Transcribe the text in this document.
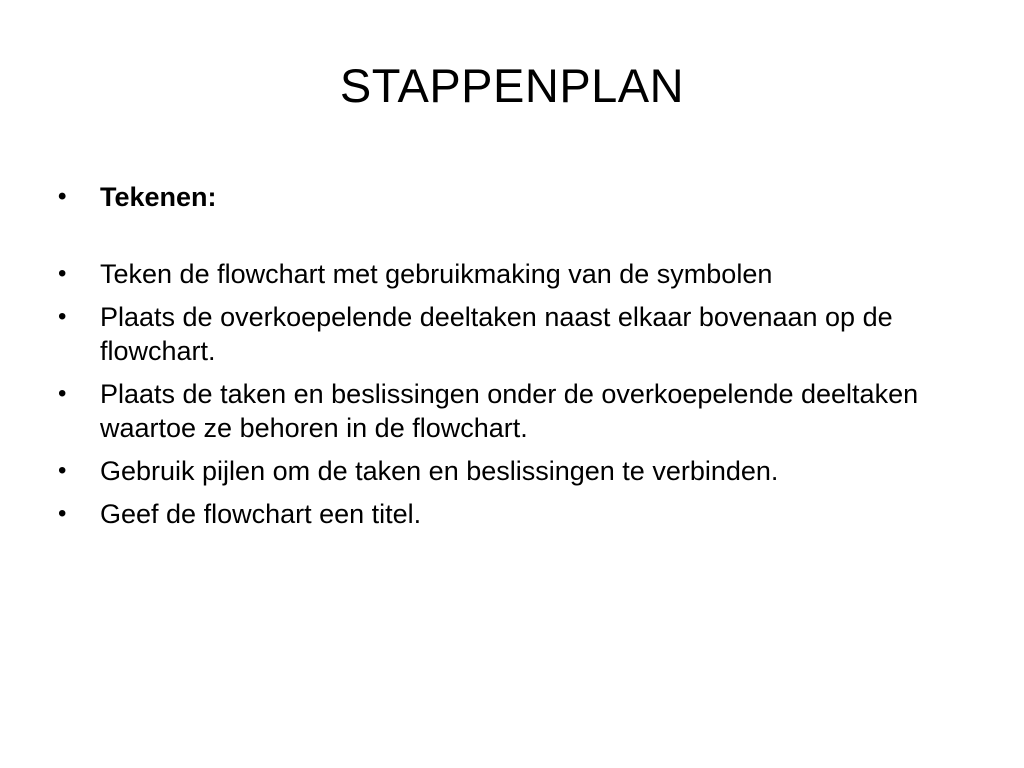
STAPPENPLAN
•	Tekenen:
•	Teken de flowchart met gebruikmaking van de symbolen
•	Plaats de overkoepelende deeltaken naast elkaar bovenaan op de flowchart.
•	Plaats de taken en beslissingen onder de overkoepelende deeltaken waartoe ze behoren in de flowchart.
•	Gebruik pijlen om de taken en beslissingen te verbinden.
•	Geef de flowchart een titel.
